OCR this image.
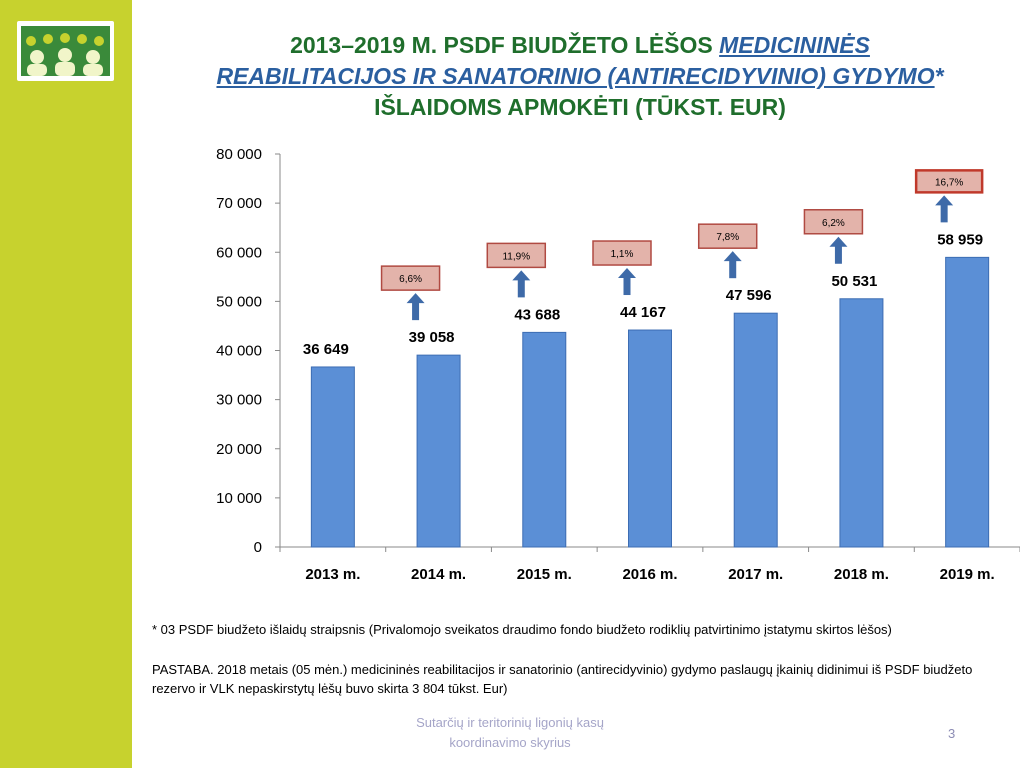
2013–2019 M. PSDF BIUDŽETO LĖŠOS MEDICININĖS
REABILITACIJOS IR SANATORINIO (ANTIRECIDYVINIO) GYDYMO*
IŠLAIDOMS APMOKĖTI (TŪKST. EUR)
0
10 000
20 000
30 000
40 000
50 000
60 000
70 000
80 000
2013 m.
36 649
2014 m.
39 058
6,6%
2015 m.
43 688
11,9%
2016 m.
44 167
1,1%
2017 m.
47 596
7,8%
2018 m.
50 531
6,2%
2019 m.
58 959
16,7%
* 03 PSDF biudžeto išlaidų straipsnis (Privalomojo sveikatos draudimo fondo biudžeto rodiklių patvirtinimo įstatymu skirtos lėšos)
PASTABA. 2018 metais (05 mėn.) medicininės reabilitacijos ir sanatorinio (antirecidyvinio) gydymo paslaugų įkainių didinimui iš PSDF biudžeto rezervo ir VLK nepaskirstytų lėšų buvo skirta 3 804 tūkst. Eur)
Sutarčių ir teritorinių ligonių kasų
koordinavimo skyrius
3
